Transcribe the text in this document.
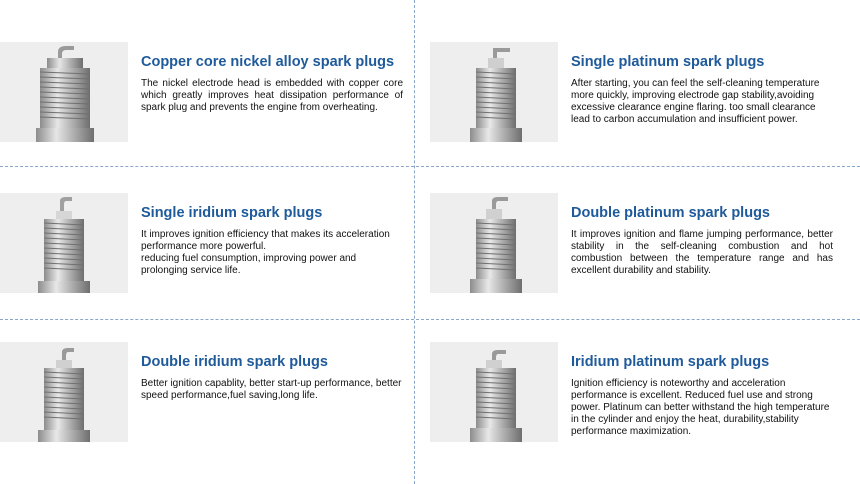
Copper core nickel alloy spark plugs
The nickel electrode head is embedded with copper core which greatly improves heat dissipation performance of spark plug and prevents the engine from overheating.
Single platinum spark plugs
After starting, you can feel the self-cleaning temperature more quickly, improving electrode gap stability,avoiding excessive clearance engine flaring. too small clearance lead to carbon accumulation and insufficient power.
Single iridium spark plugs
It improves ignition efficiency that makes its acceleration performance more powerful.
reducing fuel consumption, improving power and prolonging service life.
Double platinum spark plugs
It improves ignition and flame jumping performance, better stability in the self-cleaning combustion and hot combustion between the temperature range and has excellent durability and stability.
Double iridium spark plugs
Better ignition capablity, better start-up performance, better speed performance,fuel saving,long life.
Iridium platinum spark plugs
Ignition efficiency is noteworthy and acceleration performance is excellent. Reduced fuel use and strong power. Platinum can better withstand the high temperature in the cylinder and enjoy the heat, durability,stability performance maximization.
